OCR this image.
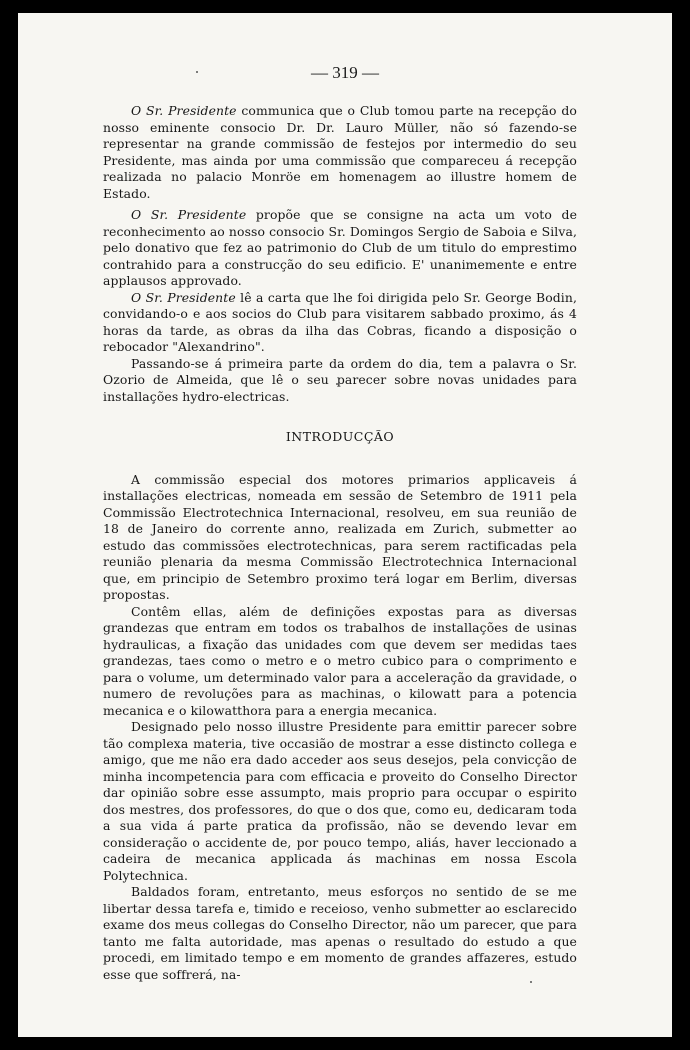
— 319 —

O Sr. Presidente communica que o Club tomou parte na recepção do nosso eminente consocio Dr. Dr. Lauro Müller, não só fazendo-se representar na grande commissão de festejos por intermedio do seu Presidente, mas ainda por uma commissão que compareceu á recepção realizada no palacio Monröe em homenagem ao illustre homem de Estado.

O Sr. Presidente propõe que se consigne na acta um voto de reconhecimento ao nosso consocio Sr. Domingos Sergio de Saboia e Silva, pelo donativo que fez ao patrimonio do Club de um titulo do emprestimo contrahido para a construcção do seu edificio. E' unanimemente e entre applausos approvado.

O Sr. Presidente lê a carta que lhe foi dirigida pelo Sr. George Bodin, convidando-o e aos socios do Club para visitarem sabbado proximo, ás 4 horas da tarde, as obras da ilha das Cobras, ficando a disposição o rebocador "Alexandrino".

Passando-se á primeira parte da ordem do dia, tem a palavra o Sr. Ozorio de Almeida, que lê o seu parecer sobre novas unidades para installações hydro-electricas.

INTRODUCÇÃO

A commissão especial dos motores primarios applicaveis á installações electricas, nomeada em sessão de Setembro de 1911 pela Commissão Electrotechnica Internacional, resolveu, em sua reunião de 18 de Janeiro do corrente anno, realizada em Zurich, submetter ao estudo das commissões electrotechnicas, para serem ractificadas pela reunião plenaria da mesma Commissão Electrotechnica Internacional que, em principio de Setembro proximo terá logar em Berlim, diversas propostas.

Contêm ellas, além de definições expostas para as diversas grandezas que entram em todos os trabalhos de installações de usinas hydraulicas, a fixação das unidades com que devem ser medidas taes grandezas, taes como o metro e o metro cubico para o comprimento e para o volume, um determinado valor para a acceleração da gravidade, o numero de revoluções para as machinas, o kilowatt para a potencia mecanica e o kilowatthora para a energia mecanica.

Designado pelo nosso illustre Presidente para emittir parecer sobre tão complexa materia, tive occasião de mostrar a esse distincto collega e amigo, que me não era dado acceder aos seus desejos, pela convicção de minha incompetencia para com efficacia e proveito do Conselho Director dar opinião sobre esse assumpto, mais proprio para occupar o espirito dos mestres, dos professores, do que o dos que, como eu, dedicaram toda a sua vida á parte pratica da profissão, não se devendo levar em consideração o accidente de, por pouco tempo, aliás, haver leccionado a cadeira de mecanica applicada ás machinas em nossa Escola Polytechnica.

Baldados foram, entretanto, meus esforços no sentido de se me libertar dessa tarefa e, timido e receioso, venho submetter ao esclarecido exame dos meus collegas do Conselho Director, não um parecer, que para tanto me falta autoridade, mas apenas o resultado do estudo a que procedi, em limitado tempo e em momento de grandes affazeres, estudo esse que soffrerá, na-
